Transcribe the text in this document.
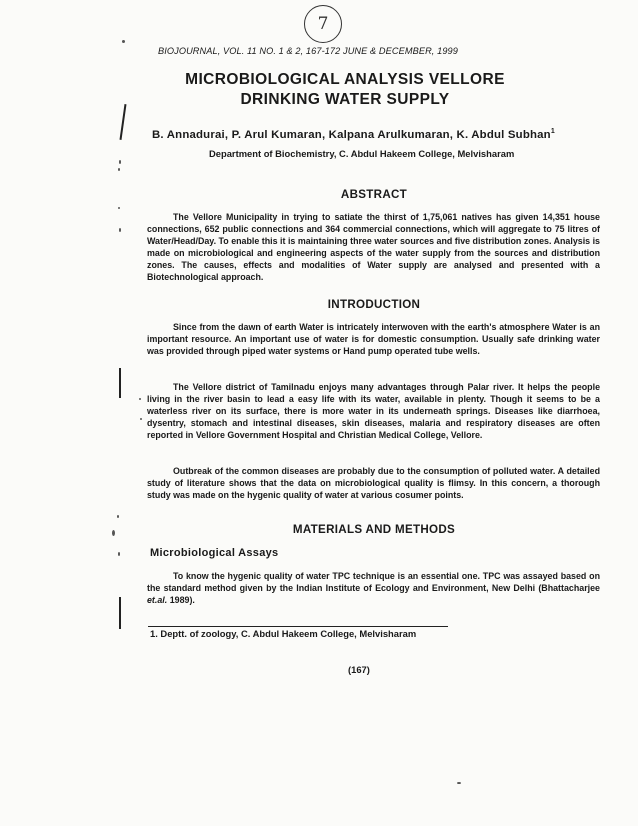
7
BIOJOURNAL, VOL. 11 NO. 1 & 2, 167-172 JUNE & DECEMBER, 1999
MICROBIOLOGICAL ANALYSIS VELLORE
DRINKING WATER SUPPLY
B. Annadurai, P. Arul Kumaran, Kalpana Arulkumaran, K. Abdul Subhan$^1$
Department of Biochemistry, C. Abdul Hakeem College, Melvisharam
ABSTRACT

The Vellore Municipality in trying to satiate the thirst of 1,75,061 natives has given 14,351 house connections, 652 public connections and 364 commercial connections, which will aggregate to 75 litres of Water/Head/Day. To enable this it is maintaining three water sources and five distribution zones. Analysis is made on microbiological and engineering aspects of the water supply from the sources and distribution zones. The causes, effects and modalities of Water supply are analysed and presented with a Biotechnological approach.

INTRODUCTION

Since from the dawn of earth Water is intricately interwoven with the earth's atmosphere Water is an important resource. An important use of water is for domestic consumption. Usually safe drinking water was provided through piped water systems or Hand pump operated tube wells.

The Vellore district of Tamilnadu enjoys many advantages through Palar river. It helps the people living in the river basin to lead a easy life with its water, available in plenty. Though it seems to be a waterless river on its surface, there is more water in its underneath springs. Diseases like diarrhoea, dysentry, stomach and intestinal diseases, skin diseases, malaria and respiratory diseases are often reported in Vellore Government Hospital and Christian Medical College, Vellore.

Outbreak of the common diseases are probably due to the consumption of polluted water. A detailed study of literature shows that the data on microbiological quality is flimsy. In this concern, a thorough study was made on the hygenic quality of water at various cosumer points.

MATERIALS AND METHODS
Microbiological Assays

To know the hygenic quality of water TPC technique is an essential one. TPC was assayed based on the standard method given by the Indian Institute of Ecology and Environment, New Delhi (Bhattacharjee et.al. 1989).

1. Deptt. of zoology, C. Abdul Hakeem College, Melvisharam
(167)
